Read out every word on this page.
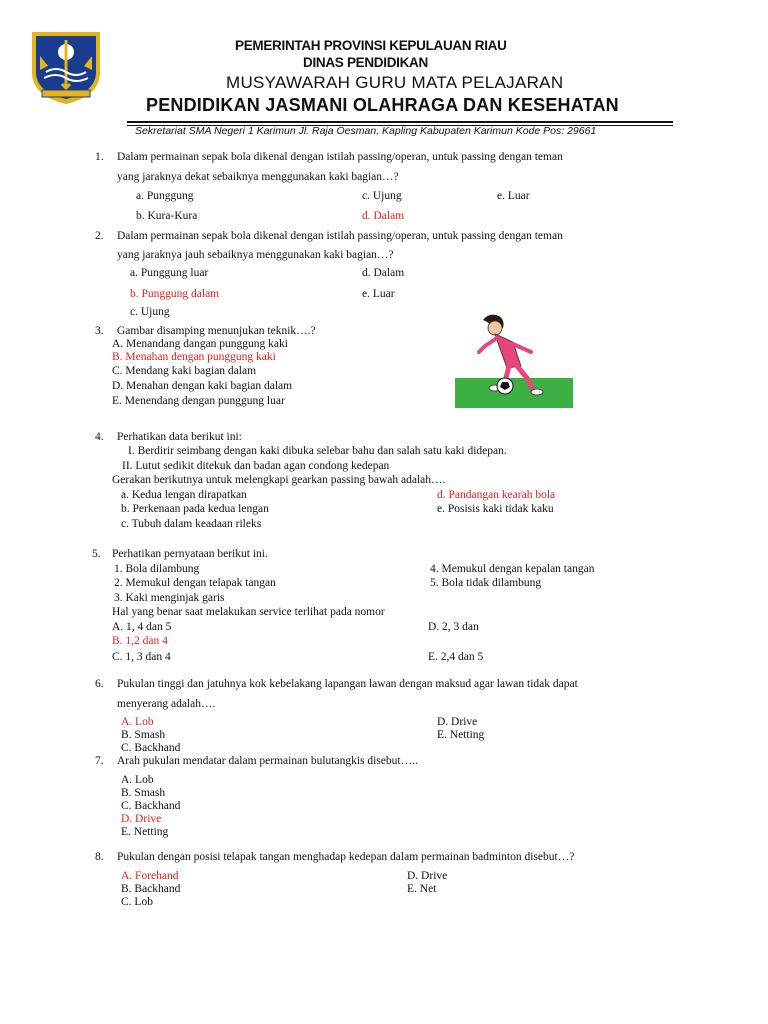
PEMERINTAH PROVINSI KEPULAUAN RIAU
DINAS PENDIDIKAN
MUSYAWARAH GURU MATA PELAJARAN
PENDIDIKAN JASMANI OLAHRAGA DAN KESEHATAN
Sekretariat SMA Negeri 1 Karimun Jl. Raja Oesman, Kapling Kabupaten Karimun Kode Pos: 29661
1. Dalam permainan sepak bola dikenal dengan istilah passing/operan, untuk passing dengan teman
yang jaraknya dekat sebaiknya menggunakan kaki bagian…?
a. Punggung	c. Ujung	e. Luar
b. Kura-Kura	d. Dalam
2. Dalam permainan sepak bola dikenal dengan istilah passing/operan, untuk passing dengan teman
yang jaraknya jauh sebaiknya menggunakan kaki bagian…?
a. Punggung luar	d. Dalam
b. Punggung dalam	e. Luar
c. Ujung
3. Gambar disamping menunjukan teknik….?
A. Menandang dangan punggung kaki
B. Menahan dengan punggung kaki
C. Mendang kaki bagian dalam
D. Menahan dengan kaki bagian dalam
E. Menendang dengan punggung luar
4. Perhatikan data berikut ini:
I. Berdirir seimbang dengan kaki dibuka selebar bahu dan salah satu kaki didepan.
II. Lutut sedikit ditekuk dan badan agan condong kedepan
Gerakan berikutnya untuk melengkapi gearkan passing bawah adalah….
a. Kedua lengan dirapatkan	d. Pandangan kearah bola
b. Perkenaan pada kedua lengan	e. Posisis kaki tidak kaku
c. Tubuh dalam keadaan rileks
5. Perhatikan pernyataan berikut ini.
1. Bola dilambung	4. Memukul dengan kepalan tangan
2. Memukul dengan telapak tangan	5. Bola tidak dilambung
3. Kaki menginjak garis
Hal yang benar saat melakukan service terlihat pada nomor
A. 1, 4 dan 5	D. 2, 3 dan
B. 1,2 dan 4
C. 1, 3 dan 4	E. 2,4 dan 5
6. Pukulan tinggi dan jatuhnya kok kebelakang lapangan lawan dengan maksud agar lawan tidak dapat
menyerang adalah….
A. Lob	D. Drive
B. Smash	E. Netting
C. Backhand
7. Arah pukulan mendatar dalam permainan bulutangkis disebut…..
A. Lob
B. Smash
C. Backhand
D. Drive
E. Netting
8. Pukulan dengan posisi telapak tangan menghadap kedepan dalam permainan badminton disebut…?
A. Forehand	D. Drive
B. Backhand	E. Net
C. Lob
